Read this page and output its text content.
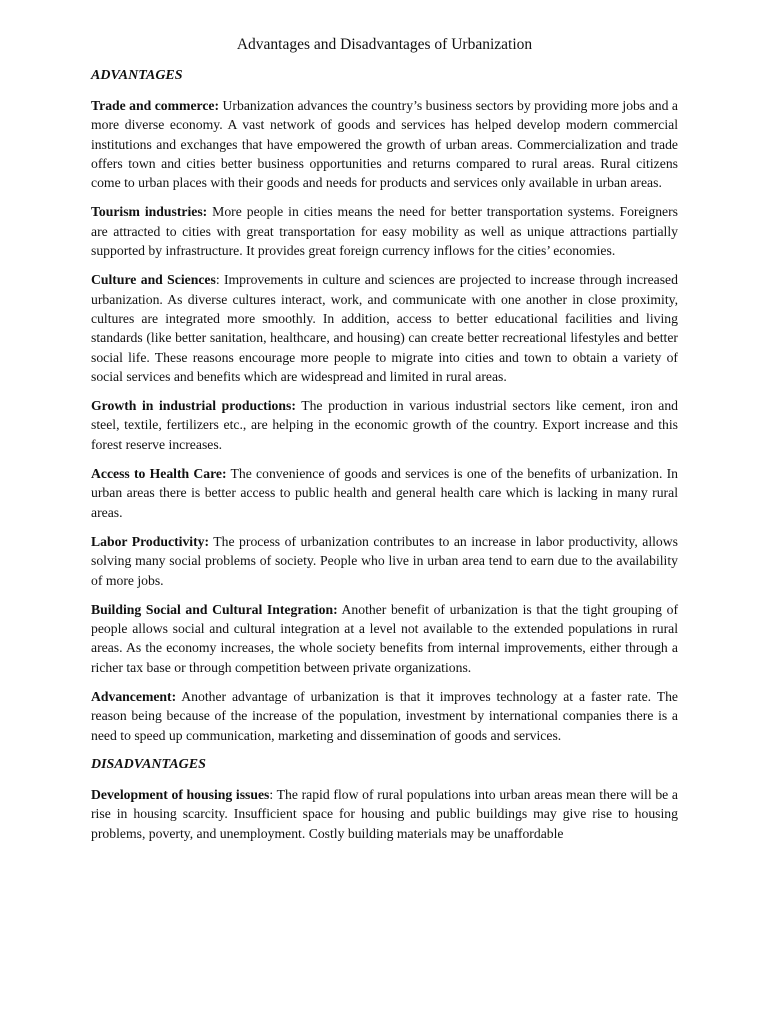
Advantages and Disadvantages of Urbanization
ADVANTAGES

Trade and commerce: Urbanization advances the country’s business sectors by providing more jobs and a more diverse economy. A vast network of goods and services has helped develop modern commercial institutions and exchanges that have empowered the growth of urban areas. Commercialization and trade offers town and cities better business opportunities and returns compared to rural areas. Rural citizens come to urban places with their goods and needs for products and services only available in urban areas.

Tourism industries: More people in cities means the need for better transportation systems. Foreigners are attracted to cities with great transportation for easy mobility as well as unique attractions partially supported by infrastructure. It provides great foreign currency inflows for the cities’ economies.

Culture and Sciences: Improvements in culture and sciences are projected to increase through increased urbanization. As diverse cultures interact, work, and communicate with one another in close proximity, cultures are integrated more smoothly. In addition, access to better educational facilities and living standards (like better sanitation, healthcare, and housing) can create better recreational lifestyles and better social life. These reasons encourage more people to migrate into cities and town to obtain a variety of social services and benefits which are widespread and limited in rural areas.

Growth in industrial productions: The production in various industrial sectors like cement, iron and steel, textile, fertilizers etc., are helping in the economic growth of the country. Export increase and this forest reserve increases.

Access to Health Care: The convenience of goods and services is one of the benefits of urbanization. In urban areas there is better access to public health and general health care which is lacking in many rural areas.

Labor Productivity: The process of urbanization contributes to an increase in labor productivity, allows solving many social problems of society. People who live in urban area tend to earn due to the availability of more jobs.

Building Social and Cultural Integration: Another benefit of urbanization is that the tight grouping of people allows social and cultural integration at a level not available to the extended populations in rural areas. As the economy increases, the whole society benefits from internal improvements, either through a richer tax base or through competition between private organizations.

Advancement: Another advantage of urbanization is that it improves technology at a faster rate. The reason being because of the increase of the population, investment by international companies there is a need to speed up communication, marketing and dissemination of goods and services.

DISADVANTAGES

Development of housing issues: The rapid flow of rural populations into urban areas mean there will be a rise in housing scarcity. Insufficient space for housing and public buildings may give rise to housing problems, poverty, and unemployment. Costly building materials may be unaffordable
